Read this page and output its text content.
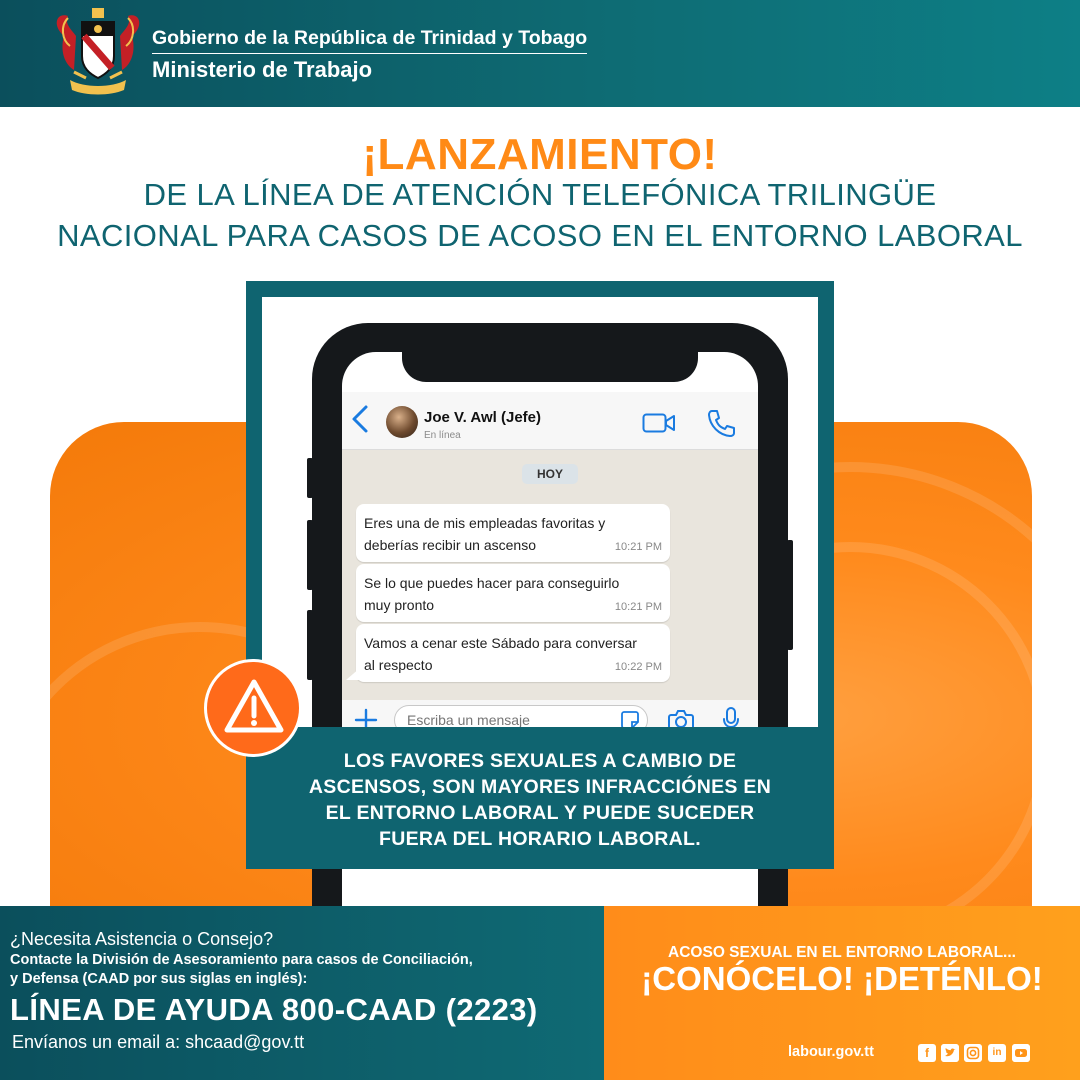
Gobierno de la República de Trinidad y Tobago
Ministerio de Trabajo
¡LANZAMIENTO!
DE LA LÍNEA DE ATENCIÓN TELEFÓNICA TRILINGÜE
NACIONAL PARA CASOS DE ACOSO EN EL ENTORNO LABORAL
Joe V. Awl (Jefe)
En línea
HOY
Eres una de mis empleadas favoritas y deberías recibir un ascenso	10:21 PM
Se lo que puedes hacer para conseguirlo muy pronto	10:21 PM
Vamos a cenar este Sábado para conversar al respecto	10:22 PM
Escriba un mensaje
LOS FAVORES SEXUALES A CAMBIO DE
ASCENSOS, SON MAYORES INFRACCIÓNES EN
EL ENTORNO LABORAL Y PUEDE SUCEDER
FUERA DEL HORARIO LABORAL.
¿Necesita Asistencia o Consejo?
Contacte la División de Asesoramiento para casos de Conciliación,
y Defensa (CAAD por sus siglas en inglés):
LÍNEA DE AYUDA 800-CAAD (2223)
Envíanos un email a: shcaad@gov.tt
ACOSO SEXUAL EN EL ENTORNO LABORAL...
¡CONÓCELO! ¡DETÉNLO!
labour.gov.tt	f	in
